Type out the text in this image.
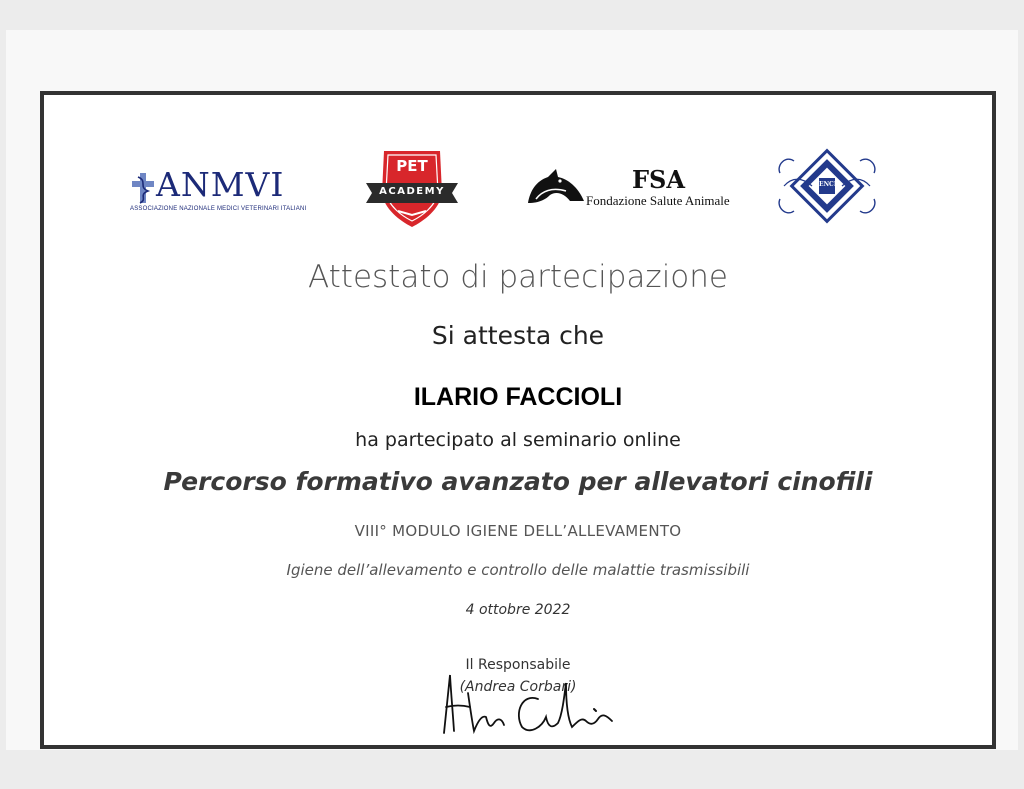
ANMVI
ASSOCIAZIONE NAZIONALE MEDICI VETERINARI ITALIANI
PET
ACADEMY	FSA
Fondazione Salute Animale
ENCI

Attestato di partecipazione

Si attesta che

ILARIO FACCIOLI

ha partecipato al seminario online

Percorso formativo avanzato per allevatori cinofili

VIII° MODULO IGIENE DELL’ALLEVAMENTO

Igiene dell’allevamento e controllo delle malattie trasmissibili

4 ottobre 2022

Il Responsabile

(Andrea Corbari)
